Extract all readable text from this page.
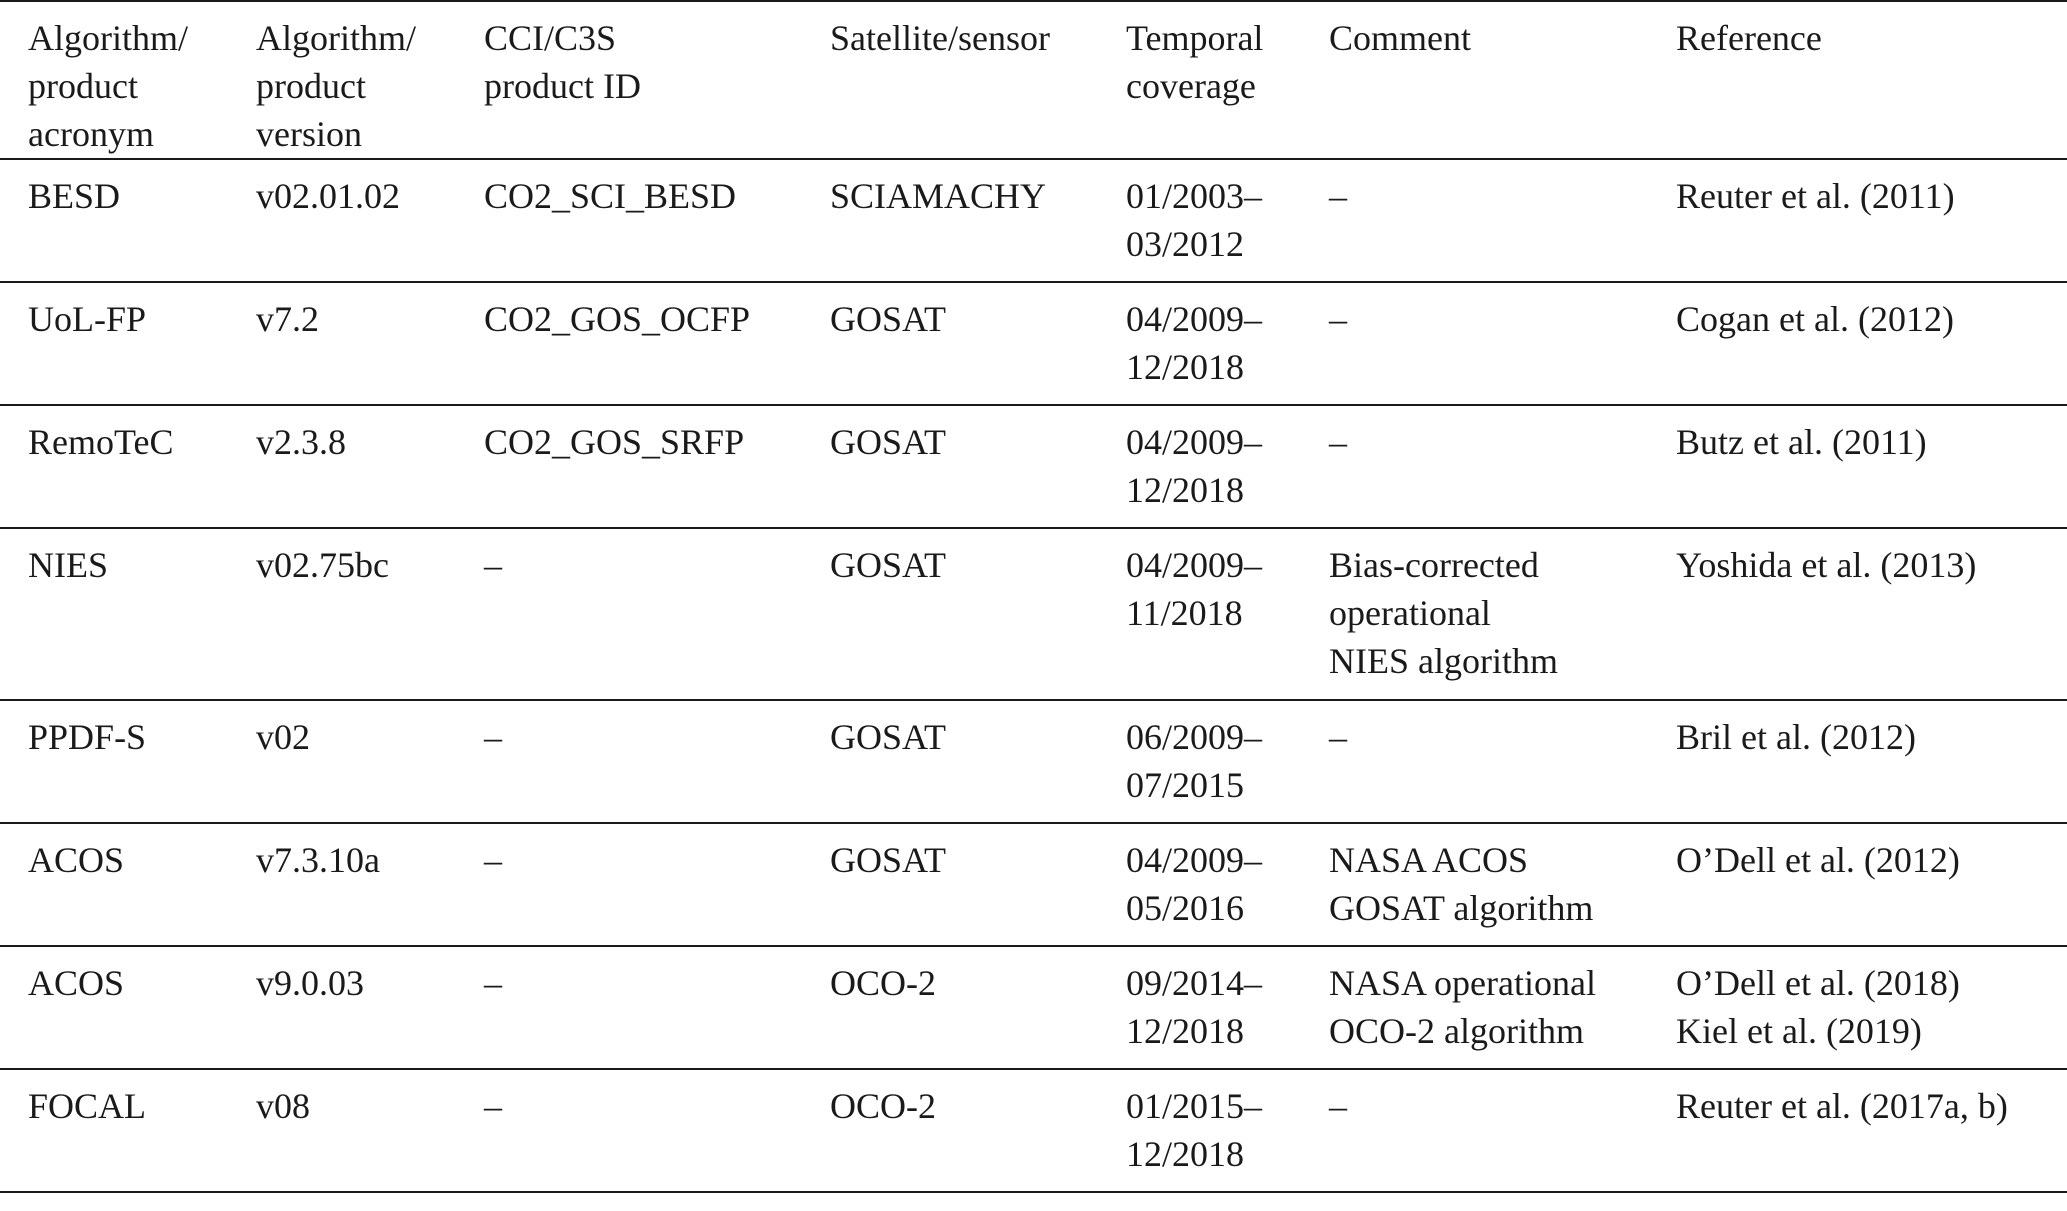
Algorithm/
product
acronym	Algorithm/
product
version	CCI/C3S
product ID	Satellite/sensor	Temporal
coverage	Comment	Reference
BESD	v02.01.02	CO2_SCI_BESD	SCIAMACHY	01/2003–
03/2012	–	Reuter et al. (2011)
UoL-FP	v7.2	CO2_GOS_OCFP	GOSAT	04/2009–
12/2018	–	Cogan et al. (2012)
RemoTeC	v2.3.8	CO2_GOS_SRFP	GOSAT	04/2009–
12/2018	–	Butz et al. (2011)
NIES	v02.75bc	–	GOSAT	04/2009–
11/2018	Bias-corrected
operational
NIES algorithm	Yoshida et al. (2013)
PPDF-S	v02	–	GOSAT	06/2009–
07/2015	–	Bril et al. (2012)
ACOS	v7.3.10a	–	GOSAT	04/2009–
05/2016	NASA ACOS
GOSAT algorithm	O’Dell et al. (2012)
ACOS	v9.0.03	–	OCO-2	09/2014–
12/2018	NASA operational
OCO-2 algorithm	O’Dell et al. (2018)
Kiel et al. (2019)
FOCAL	v08	–	OCO-2	01/2015–
12/2018	–	Reuter et al. (2017a, b)
